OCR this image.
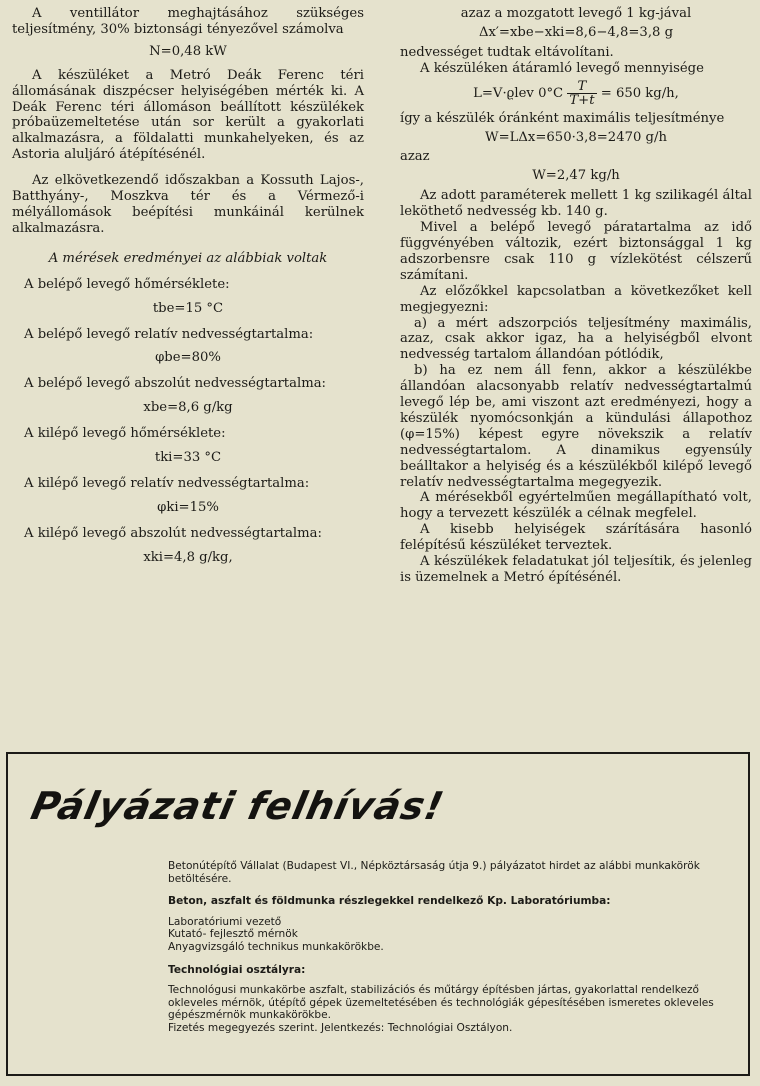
A ventillátor meghajtásához szükséges teljesítmény, 30% biztonsági tényezővel számolva

N=0,48 kW

A készüléket a Metró Deák Ferenc téri állomásának diszpécser helyiségében mérték ki. A Deák Ferenc téri állomáson beállított készülékek próbaüzemeltetése után sor került a gyakorlati alkalmazásra, a földalatti munkahelyeken, és az Astoria aluljáró átépítésénél.

Az elkövetkezendő időszakban a Kossuth Lajos-, Batthyány-, Moszkva tér és a Vérmező-i mélyállomások beépítési munkáinál kerülnek alkalmazásra.

A mérések eredményei az alábbiak voltak

A belépő levegő hőmérséklete:

tbe=15 °C

A belépő levegő relatív nedvességtartalma:

φbe=80%

A belépő levegő abszolút nedvességtartalma:

xbe=8,6 g/kg

A kilépő levegő hőmérséklete:

tki=33 °C

A kilépő levegő relatív nedvességtartalma:

φki=15%

A kilépő levegő abszolút nedvességtartalma:

xki=4,8 g/kg,

azaz a mozgatott levegő 1 kg-jával

Δx′=xbe−xki=8,6−4,8=3,8 g

nedvességet tudtak eltávolítani.

A készüléken átáramló levegő mennyisége

L=V·ϱlev $0^\circ C \frac{T}{T+t} = 650$ kg/h,

így a készülék óránként maximális teljesítménye

W=LΔx=650·3,8=2470 g/h

azaz

W=2,47 kg/h

Az adott paraméterek mellett 1 kg szilikagél által leköthető nedvesség kb. 140 g.

Mivel a belépő levegő páratartalma az idő függvényében változik, ezért biztonsággal 1 kg adszorbensre csak 110 g vízlekötést célszerű számítani.

Az előzőkkel kapcsolatban a következőket kell megjegyezni:

a) a mért adszorpciós teljesítmény maximális, azaz, csak akkor igaz, ha a helyiségből elvont nedvesség tartalom állandóan pótlódik,

b) ha ez nem áll fenn, akkor a készülékbe állandóan alacsonyabb relatív nedvességtartalmú levegő lép be, ami viszont azt eredményezi, hogy a készülék nyomócsonkján a kündulási állapothoz (φ=15%) képest egyre növekszik a relatív nedvességtartalom. A dinamikus egyensúly beálltakor a helyiség és a készülékből kilépő levegő relatív nedvességtartalma megegyezik.

A mérésekből egyértelműen megállapítható volt, hogy a tervezett készülék a célnak megfelel.

A kisebb helyiségek szárítására hasonló felépítésű készüléket terveztek.

A készülékek feladatukat jól teljesítik, és jelenleg is üzemelnek a Metró építésénél.

Pályázati felhívás!

Betonútépítő Vállalat (Budapest VI., Népköztársaság útja 9.) pályázatot hirdet az alábbi munkakörök betöltésére.

Beton, aszfalt és földmunka részlegekkel rendelkező Kp. Laboratóriumba:

Laboratóriumi vezető

Kutató- fejlesztő mérnök

Anyagvizsgáló technikus munkakörökbe.

Technológiai osztályra:

Technológusi munkakörbe aszfalt, stabilizációs és műtárgy építésben jártas, gyakorlattal rendelkező okleveles mérnök, útépítő gépek üzemeltetésében és technológiák gépesítésében ismeretes okleveles gépészmérnök munkakörökbe.

Fizetés megegyezés szerint. Jelentkezés: Technológiai Osztályon.
